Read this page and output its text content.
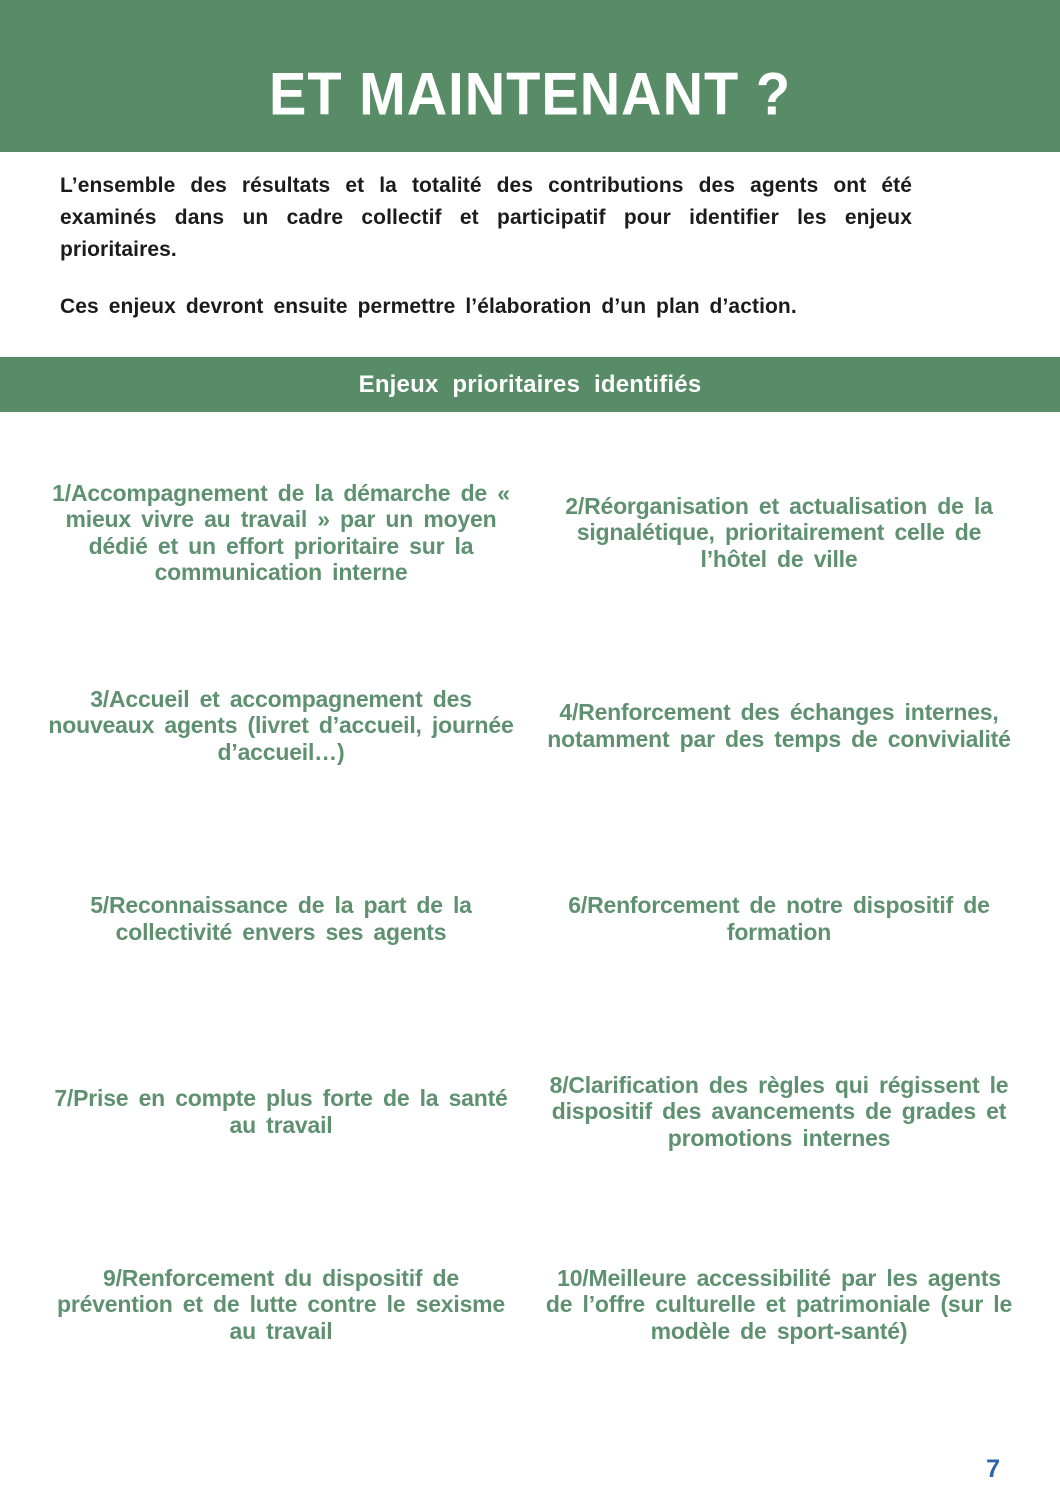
ET MAINTENANT ?

L’ensemble des résultats et la totalité des contributions des agents ont été examinés dans un cadre collectif et participatif pour identifier les enjeux prioritaires.

Ces enjeux devront ensuite permettre l’élaboration d’un plan d’action.

Enjeux prioritaires identifiés
1/Accompagnement de la démarche de « mieux vivre au travail » par un moyen dédié et un effort prioritaire sur la communication interne
2/Réorganisation et actualisation de la signalétique, prioritairement celle de l’hôtel de ville
3/Accueil et accompagnement des nouveaux agents (livret d’accueil, journée d’accueil…)
4/Renforcement des échanges internes, notamment par des temps de convivialité
5/Reconnaissance de la part de la collectivité envers ses agents
6/Renforcement de notre dispositif de formation
7/Prise en compte plus forte de la santé au travail
8/Clarification des règles qui régissent le dispositif des avancements de grades et promotions internes
9/Renforcement du dispositif de prévention et de lutte contre le sexisme au travail
10/Meilleure accessibilité par les agents de l’offre culturelle et patrimoniale (sur le modèle de sport-santé)
7
